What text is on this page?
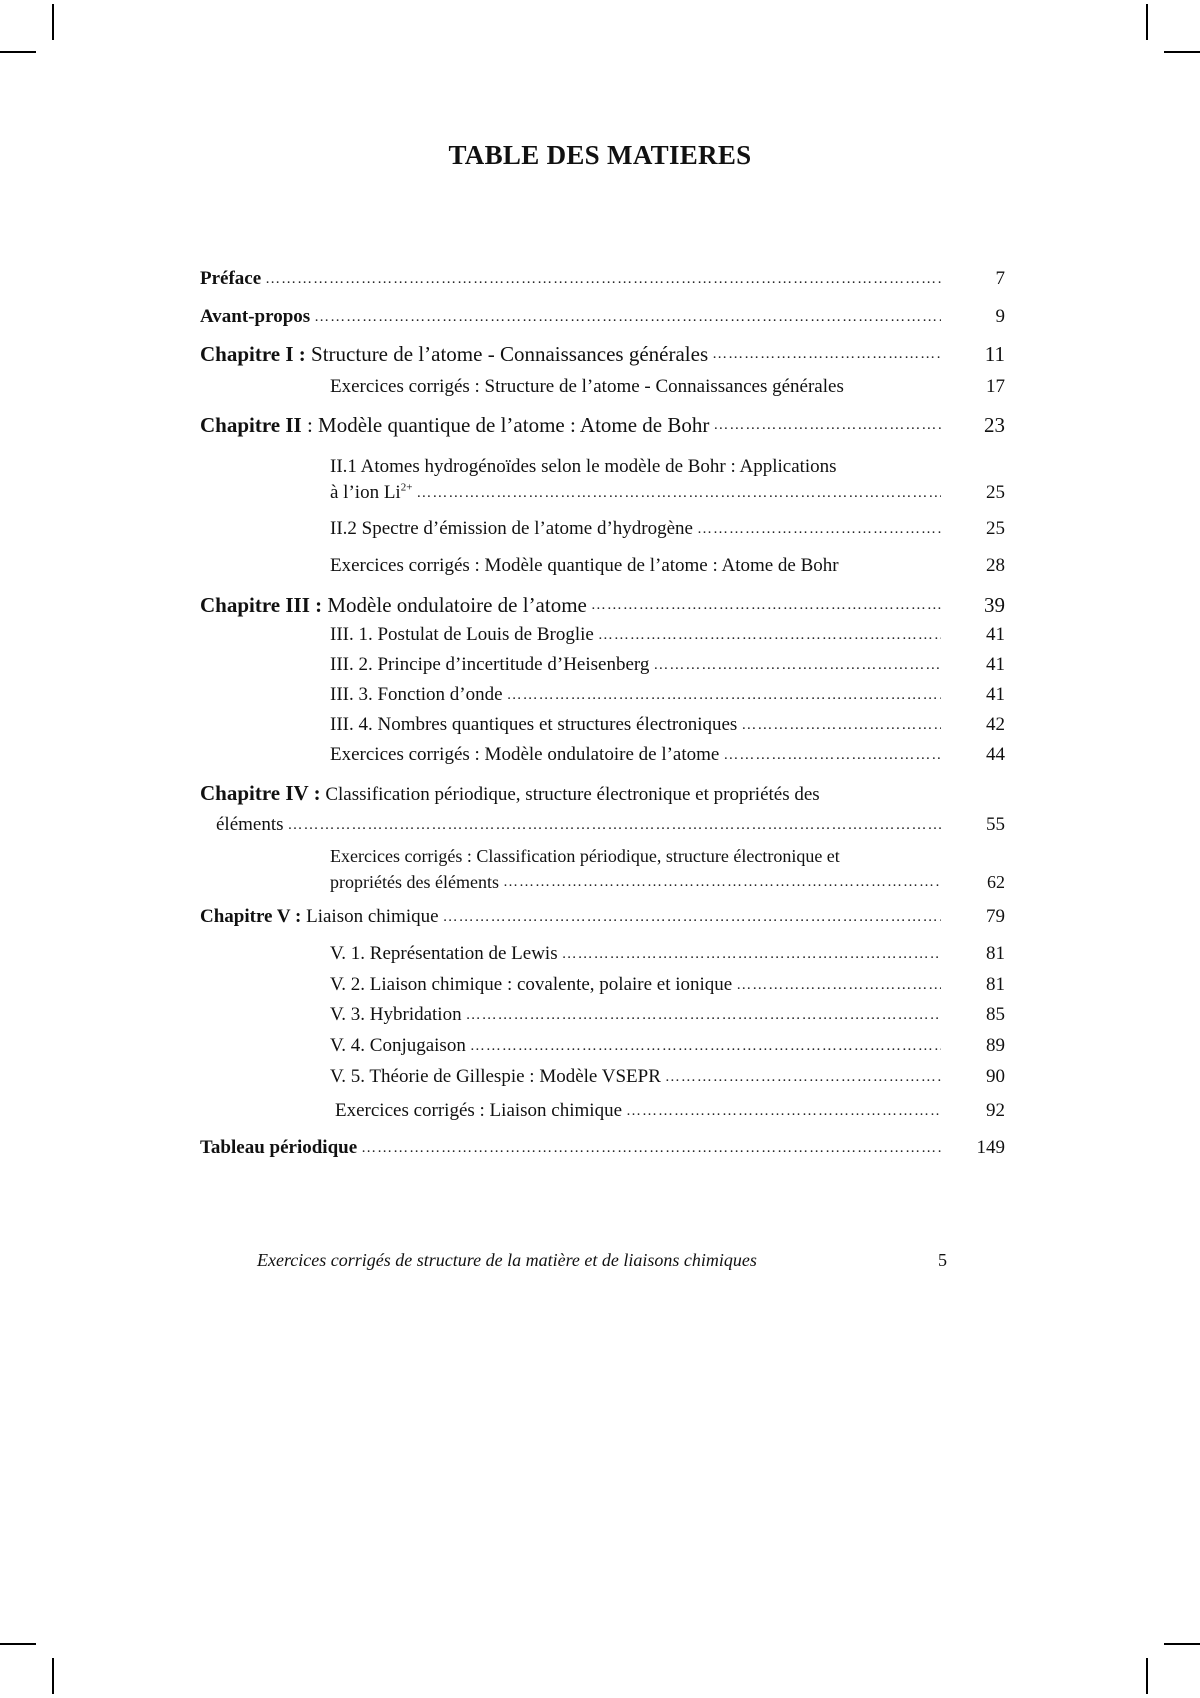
TABLE DES MATIERES
Préface ………………………………………………………………………………………………………………………………………………………………	7
Avant-propos ………………………………………………………………………………………………………………………………………………………………	9
Chapitre I : Structure de l’atome - Connaissances générales ………………………………………………………………………………………………………………………………………………………………	11
Exercices corrigés : Structure de l’atome - Connaissances générales	17
Chapitre II : Modèle quantique de l’atome : Atome de Bohr ………………………………………………………………………………………………………………………………………………………………	23
II.1 Atomes hydrogénoïdes selon le modèle de Bohr : Applications
à l’ion $Li^{2+}$ ………………………………………………………………………………………………………………………………………………………………	25
II.2 Spectre d’émission de l’atome d’hydrogène ………………………………………………………………………………………………………………………………………………………………	25
Exercices corrigés : Modèle quantique de l’atome : Atome de Bohr	28
Chapitre III : Modèle ondulatoire de l’atome ………………………………………………………………………………………………………………………………………………………………	39
III. 1. Postulat de Louis de Broglie ………………………………………………………………………………………………………………………………………………………………	41
III. 2. Principe d’incertitude d’Heisenberg ………………………………………………………………………………………………………………………………………………………………	41
III. 3. Fonction d’onde ………………………………………………………………………………………………………………………………………………………………	41
III. 4. Nombres quantiques et structures électroniques ………………………………………………………………………………………………………………………………………………………………	42
Exercices corrigés : Modèle ondulatoire de l’atome ………………………………………………………………………………………………………………………………………………………………	44
Chapitre IV : Classification périodique, structure électronique et propriétés des
éléments ………………………………………………………………………………………………………………………………………………………………	55
Exercices corrigés : Classification périodique, structure électronique et
propriétés des éléments ………………………………………………………………………………………………………………………………………………………………	62
Chapitre V : Liaison chimique ………………………………………………………………………………………………………………………………………………………………	79
V. 1. Représentation de Lewis ………………………………………………………………………………………………………………………………………………………………	81
V. 2. Liaison chimique : covalente, polaire et ionique ………………………………………………………………………………………………………………………………………………………………	81
V. 3. Hybridation ………………………………………………………………………………………………………………………………………………………………	85
V. 4. Conjugaison ………………………………………………………………………………………………………………………………………………………………	89
V. 5. Théorie de Gillespie : Modèle VSEPR ………………………………………………………………………………………………………………………………………………………………	90
Exercices corrigés : Liaison chimique ………………………………………………………………………………………………………………………………………………………………	92
Tableau périodique ………………………………………………………………………………………………………………………………………………………………	149
Exercices corrigés de structure de la matière et de liaisons chimiques	5
